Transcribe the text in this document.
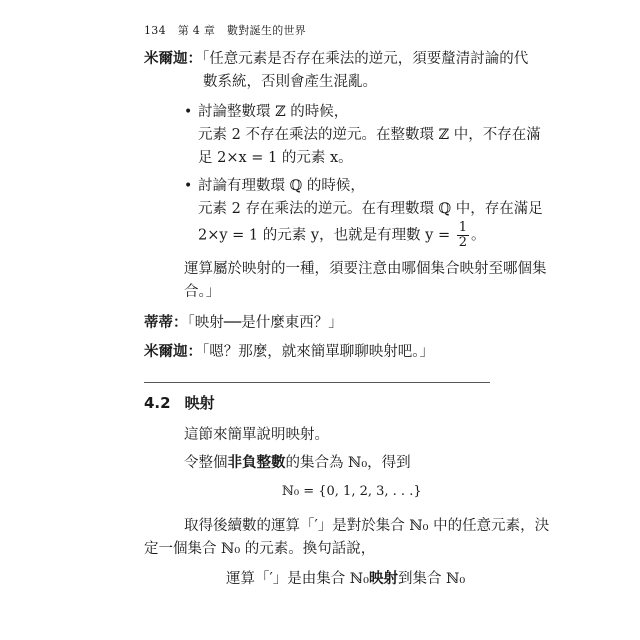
134 第 4 章 數對誕生的世界
米爾迦：「任意元素是否存在乘法的逆元，須要釐清討論的代
數系統，否則會產生混亂。
• 討論整數環 ℤ 的時候，
元素 2 不存在乘法的逆元。在整數環 ℤ 中，不存在滿
足 2×x = 1 的元素 x。
• 討論有理數環 ℚ 的時候，
元素 2 存在乘法的逆元。在有理數環 ℚ 中，存在滿足
2×y = 1 的元素 y，也就是有理數 $y = \frac{1}{2}$ 。
運算屬於映射的一種，須要注意由哪個集合映射至哪個集
合。」
蒂蒂：「映射──是什麼東西？」
米爾迦：「嗯？那麼，就來簡單聊聊映射吧。」
4.2 映射
這節來簡單說明映射。
令整個非負整數的集合為 ℕ₀，得到
ℕ₀ = {0, 1, 2, 3, . . .}
取得後續數的運算「′」是對於集合 ℕ₀ 中的任意元素，決
定一個集合 ℕ₀ 的元素。換句話說，
運算「′」是由集合 ℕ₀映射到集合 ℕ₀
